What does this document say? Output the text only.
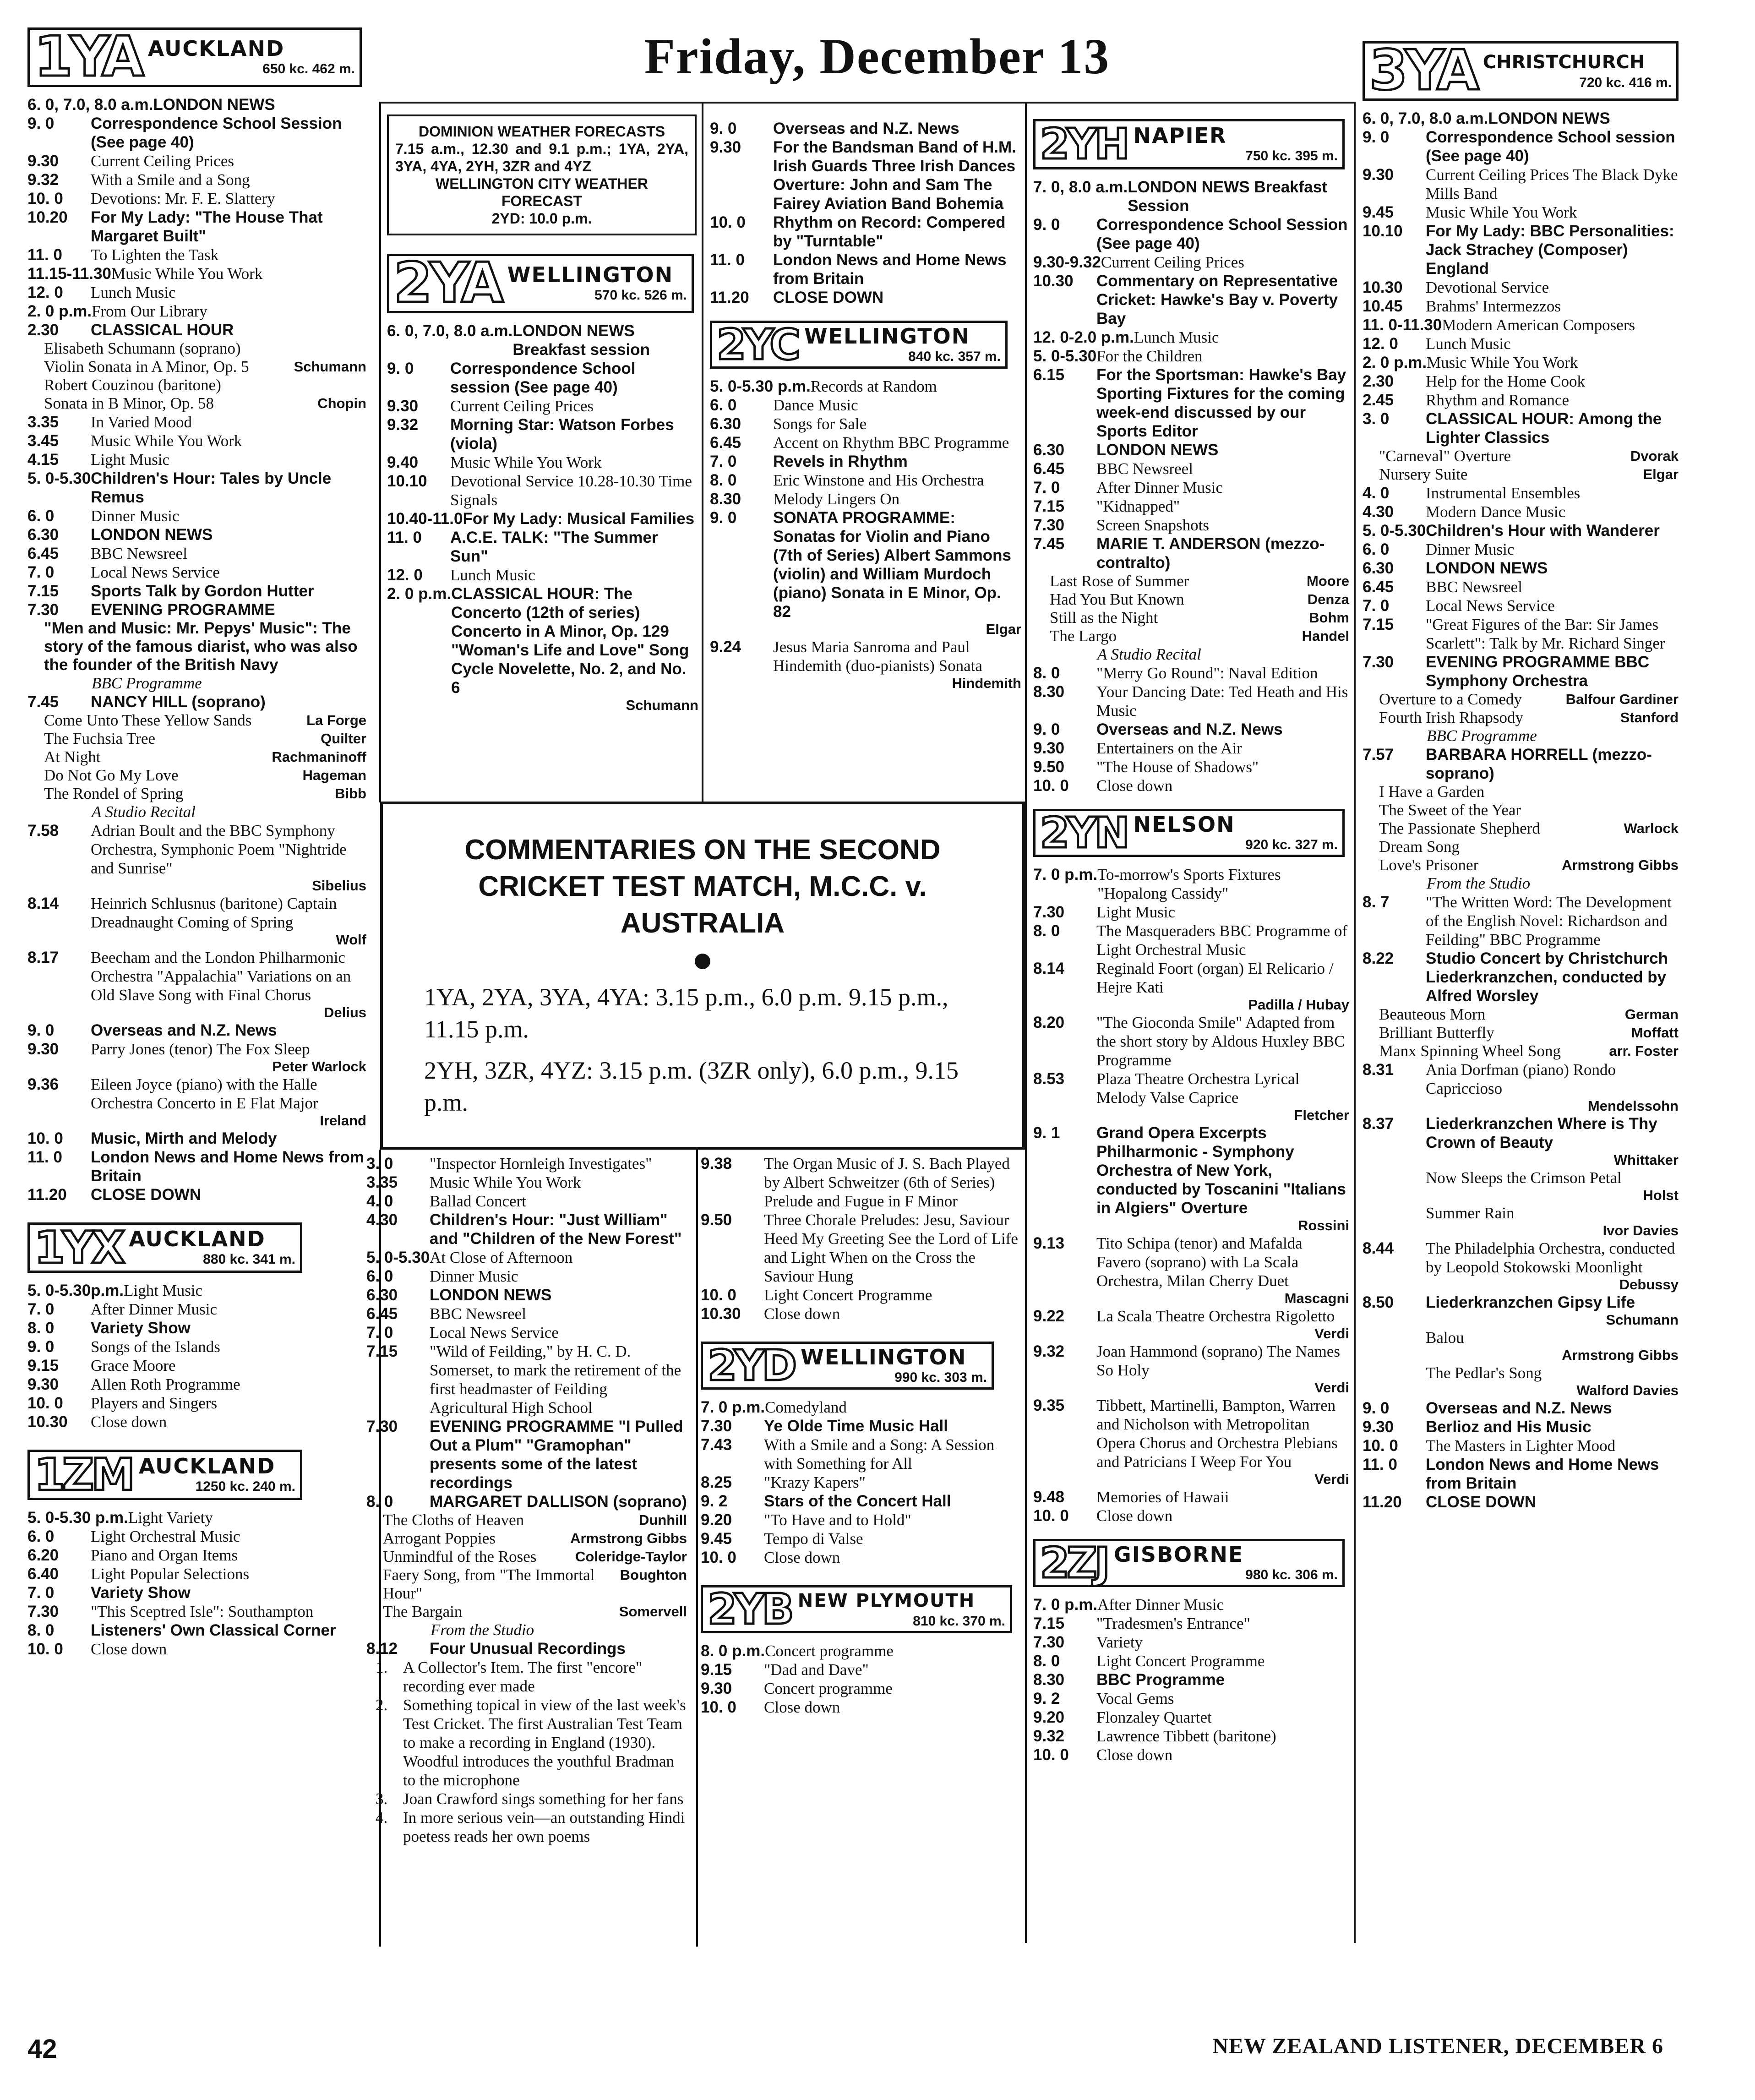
Friday, December 13
1YA AUCKLAND
650 kc. 462 m.
6. 0, 7.0, 8.0 a.m. LONDON NEWS
9. 0	Correspondence School Session (See page 40)
9.30	Current Ceiling Prices
9.32	With a Smile and a Song
10. 0	Devotions: Mr. F. E. Slattery
10.20	For My Lady: "The House That Margaret Built"
11. 0	To Lighten the Task
11.15-11.30 Music While You Work
12. 0	Lunch Music
2. 0 p.m. From Our Library
2.30	CLASSICAL HOUR
Elisabeth Schumann (soprano)
Violin Sonata in A Minor, Op. 5	Schumann
Robert Couzinou (baritone)
Sonata in B Minor, Op. 58	Chopin
3.35	In Varied Mood
3.45	Music While You Work
4.15	Light Music
5. 0-5.30 Children's Hour: Tales by Uncle Remus
6. 0	Dinner Music
6.30	LONDON NEWS
6.45	BBC Newsreel
7. 0	Local News Service
7.15	Sports Talk by Gordon Hutter
7.30	EVENING PROGRAMME
"Men and Music: Mr. Pepys' Music": The story of the famous diarist, who was also the founder of the British Navy
BBC Programme
7.45	NANCY HILL (soprano)
Come Unto These Yellow Sands	La Forge
The Fuchsia Tree	Quilter
At Night	Rachmaninoff
Do Not Go My Love	Hageman
The Rondel of Spring	Bibb
A Studio Recital
7.58	Adrian Boult and the BBC Symphony Orchestra, Symphonic Poem "Nightride and Sunrise"
Sibelius
8.14	Heinrich Schlusnus (baritone) Captain Dreadnaught Coming of Spring
Wolf
8.17	Beecham and the London Philharmonic Orchestra "Appalachia" Variations on an Old Slave Song with Final Chorus
Delius
9. 0	Overseas and N.Z. News
9.30	Parry Jones (tenor) The Fox Sleep
Peter Warlock
9.36	Eileen Joyce (piano) with the Halle Orchestra Concerto in E Flat Major
Ireland
10. 0	Music, Mirth and Melody
11. 0	London News and Home News from Britain
11.20	CLOSE DOWN
1YX AUCKLAND
880 kc. 341 m.
5. 0-5.30p.m. Light Music
7. 0	After Dinner Music
8. 0	Variety Show
9. 0	Songs of the Islands
9.15	Grace Moore
9.30	Allen Roth Programme
10. 0	Players and Singers
10.30	Close down
1ZM AUCKLAND
1250 kc. 240 m.
5. 0-5.30 p.m. Light Variety
6. 0	Light Orchestral Music
6.20	Piano and Organ Items
6.40	Light Popular Selections
7. 0	Variety Show
7.30	"This Sceptred Isle": Southampton
8. 0	Listeners' Own Classical Corner
10. 0	Close down
DOMINION WEATHER FORECASTS
7.15 a.m., 12.30 and 9.1 p.m.; 1YA, 2YA, 3YA, 4YA, 2YH, 3ZR and 4YZ
WELLINGTON CITY WEATHER FORECAST
2YD: 10.0 p.m.
2YA WELLINGTON
570 kc. 526 m.
6. 0, 7.0, 8.0 a.m. LONDON NEWS Breakfast session
9. 0	Correspondence School session (See page 40)
9.30	Current Ceiling Prices
9.32	Morning Star: Watson Forbes (viola)
9.40	Music While You Work
10.10	Devotional Service 10.28-10.30 Time Signals
10.40-11.0 For My Lady: Musical Families
11. 0	A.C.E. TALK: "The Summer Sun"
12. 0	Lunch Music
2. 0 p.m. CLASSICAL HOUR: The Concerto (12th of series) Concerto in A Minor, Op. 129 "Woman's Life and Love" Song Cycle Novelette, No. 2, and No. 6
Schumann
3. 0	"Inspector Hornleigh Investigates"
3.35	Music While You Work
4. 0	Ballad Concert
4.30	Children's Hour: "Just William" and "Children of the New Forest"
5. 0-5.30 At Close of Afternoon
6. 0	Dinner Music
6.30	LONDON NEWS
6.45	BBC Newsreel
7. 0	Local News Service
7.15	"Wild of Feilding," by H. C. D. Somerset, to mark the retirement of the first headmaster of Feilding Agricultural High School
7.30	EVENING PROGRAMME "I Pulled Out a Plum" "Gramophan" presents some of the latest recordings
8. 0	MARGARET DALLISON (soprano)
The Cloths of Heaven	Dunhill
Arrogant Poppies	Armstrong Gibbs
Unmindful of the Roses	Coleridge-Taylor
Faery Song, from "The Immortal Hour"
Boughton
The Bargain	Somervell
From the Studio
8.12	Four Unusual Recordings
1. A Collector's Item. The first "encore" recording ever made
2. Something topical in view of the last week's Test Cricket. The first Australian Test Team to make a recording in England (1930). Woodful introduces the youthful Bradman to the microphone
3. Joan Crawford sings something for her fans
4. In more serious vein—an outstanding Hindi poetess reads her own poems
9. 0	Overseas and N.Z. News
9.30	For the Bandsman Band of H.M. Irish Guards Three Irish Dances Overture: John and Sam The Fairey Aviation Band Bohemia
10. 0	Rhythm on Record: Compered by "Turntable"
11. 0	London News and Home News from Britain
11.20	CLOSE DOWN
2YC WELLINGTON
840 kc. 357 m.
5. 0-5.30 p.m. Records at Random
6. 0	Dance Music
6.30	Songs for Sale
6.45	Accent on Rhythm BBC Programme
7. 0	Revels in Rhythm
8. 0	Eric Winstone and His Orchestra
8.30	Melody Lingers On
9. 0	SONATA PROGRAMME: Sonatas for Violin and Piano (7th of Series) Albert Sammons (violin) and William Murdoch (piano) Sonata in E Minor, Op. 82
Elgar
9.24	Jesus Maria Sanroma and Paul Hindemith (duo-pianists) Sonata
Hindemith
9.38	The Organ Music of J. S. Bach Played by Albert Schweitzer (6th of Series) Prelude and Fugue in F Minor
9.50	Three Chorale Preludes: Jesu, Saviour Heed My Greeting See the Lord of Life and Light When on the Cross the Saviour Hung
10. 0	Light Concert Programme
10.30	Close down
2YD WELLINGTON
990 kc. 303 m.
7. 0 p.m. Comedyland
7.30	Ye Olde Time Music Hall
7.43	With a Smile and a Song: A Session with Something for All
8.25	"Krazy Kapers"
9. 2	Stars of the Concert Hall
9.20	"To Have and to Hold"
9.45	Tempo di Valse
10. 0	Close down
2YB NEW PLYMOUTH
810 kc. 370 m.
8. 0 p.m. Concert programme
9.15	"Dad and Dave"
9.30	Concert programme
10. 0	Close down
COMMENTARIES ON THE SECOND CRICKET TEST MATCH, M.C.C. v. AUSTRALIA
1YA, 2YA, 3YA, 4YA: 3.15 p.m., 6.0 p.m. 9.15 p.m., 11.15 p.m.
2YH, 3ZR, 4YZ: 3.15 p.m. (3ZR only), 6.0 p.m., 9.15 p.m.
2YH NAPIER
750 kc. 395 m.
7. 0, 8.0 a.m. LONDON NEWS Breakfast Session
9. 0	Correspondence School Session (See page 40)
9.30-9.32 Current Ceiling Prices
10.30	Commentary on Representative Cricket: Hawke's Bay v. Poverty Bay
12. 0-2.0 p.m. Lunch Music
5. 0-5.30 For the Children
6.15	For the Sportsman: Hawke's Bay Sporting Fixtures for the coming week-end discussed by our Sports Editor
6.30	LONDON NEWS
6.45	BBC Newsreel
7. 0	After Dinner Music
7.15	"Kidnapped"
7.30	Screen Snapshots
7.45	MARIE T. ANDERSON (mezzo-contralto)
Last Rose of Summer	Moore
Had You But Known	Denza
Still as the Night	Bohm
The Largo	Handel
A Studio Recital
8. 0	"Merry Go Round": Naval Edition
8.30	Your Dancing Date: Ted Heath and His Music
9. 0	Overseas and N.Z. News
9.30	Entertainers on the Air
9.50	"The House of Shadows"
10. 0	Close down
2YN NELSON
920 kc. 327 m.
7. 0 p.m. To-morrow's Sports Fixtures "Hopalong Cassidy"
7.30	Light Music
8. 0	The Masqueraders BBC Programme of Light Orchestral Music
8.14	Reginald Foort (organ) El Relicario / Hejre Kati
Padilla / Hubay
8.20	"The Gioconda Smile" Adapted from the short story by Aldous Huxley BBC Programme
8.53	Plaza Theatre Orchestra Lyrical Melody Valse Caprice
Fletcher
9. 1	Grand Opera Excerpts Philharmonic - Symphony Orchestra of New York, conducted by Toscanini "Italians in Algiers" Overture
Rossini
9.13	Tito Schipa (tenor) and Mafalda Favero (soprano) with La Scala Orchestra, Milan Cherry Duet
Mascagni
9.22	La Scala Theatre Orchestra Rigoletto
Verdi
9.32	Joan Hammond (soprano) The Names So Holy
Verdi
9.35	Tibbett, Martinelli, Bampton, Warren and Nicholson with Metropolitan Opera Chorus and Orchestra Plebians and Patricians I Weep For You
Verdi
9.48	Memories of Hawaii
10. 0	Close down
2ZJ GISBORNE
980 kc. 306 m.
7. 0 p.m. After Dinner Music
7.15	"Tradesmen's Entrance"
7.30	Variety
8. 0	Light Concert Programme
8.30	BBC Programme
9. 2	Vocal Gems
9.20	Flonzaley Quartet
9.32	Lawrence Tibbett (baritone)
10. 0	Close down
3YA CHRISTCHURCH
720 kc. 416 m.
6. 0, 7.0, 8.0 a.m. LONDON NEWS
9. 0	Correspondence School session (See page 40)
9.30	Current Ceiling Prices The Black Dyke Mills Band
9.45	Music While You Work
10.10	For My Lady: BBC Personalities: Jack Strachey (Composer) England
10.30	Devotional Service
10.45	Brahms' Intermezzos
11. 0-11.30 Modern American Composers
12. 0	Lunch Music
2. 0 p.m. Music While You Work
2.30	Help for the Home Cook
2.45	Rhythm and Romance
3. 0	CLASSICAL HOUR: Among the Lighter Classics
"Carneval" Overture	Dvorak
Nursery Suite	Elgar
4. 0	Instrumental Ensembles
4.30	Modern Dance Music
5. 0-5.30 Children's Hour with Wanderer
6. 0	Dinner Music
6.30	LONDON NEWS
6.45	BBC Newsreel
7. 0	Local News Service
7.15	"Great Figures of the Bar: Sir James Scarlett": Talk by Mr. Richard Singer
7.30	EVENING PROGRAMME BBC Symphony Orchestra
Overture to a Comedy	Balfour Gardiner
Fourth Irish Rhapsody	Stanford
BBC Programme
7.57	BARBARA HORRELL (mezzo-soprano)
I Have a Garden
The Sweet of the Year
The Passionate Shepherd	Warlock
Dream Song
Love's Prisoner	Armstrong Gibbs
From the Studio
8. 7	"The Written Word: The Development of the English Novel: Richardson and Feilding" BBC Programme
8.22	Studio Concert by Christchurch Liederkranzchen, conducted by Alfred Worsley
Beauteous Morn	German
Brilliant Butterfly	Moffatt
Manx Spinning Wheel Song	arr. Foster
8.31	Ania Dorfman (piano) Rondo Capriccioso
Mendelssohn
8.37	Liederkranzchen Where is Thy Crown of Beauty
Whittaker
Now Sleeps the Crimson Petal
Holst
Summer Rain
Ivor Davies
8.44	The Philadelphia Orchestra, conducted by Leopold Stokowski Moonlight
Debussy
8.50	Liederkranzchen Gipsy Life
Schumann
Balou
Armstrong Gibbs
The Pedlar's Song
Walford Davies
9. 0	Overseas and N.Z. News
9.30	Berlioz and His Music
10. 0	The Masters in Lighter Mood
11. 0	London News and Home News from Britain
11.20	CLOSE DOWN
42	NEW ZEALAND LISTENER, DECEMBER 6
